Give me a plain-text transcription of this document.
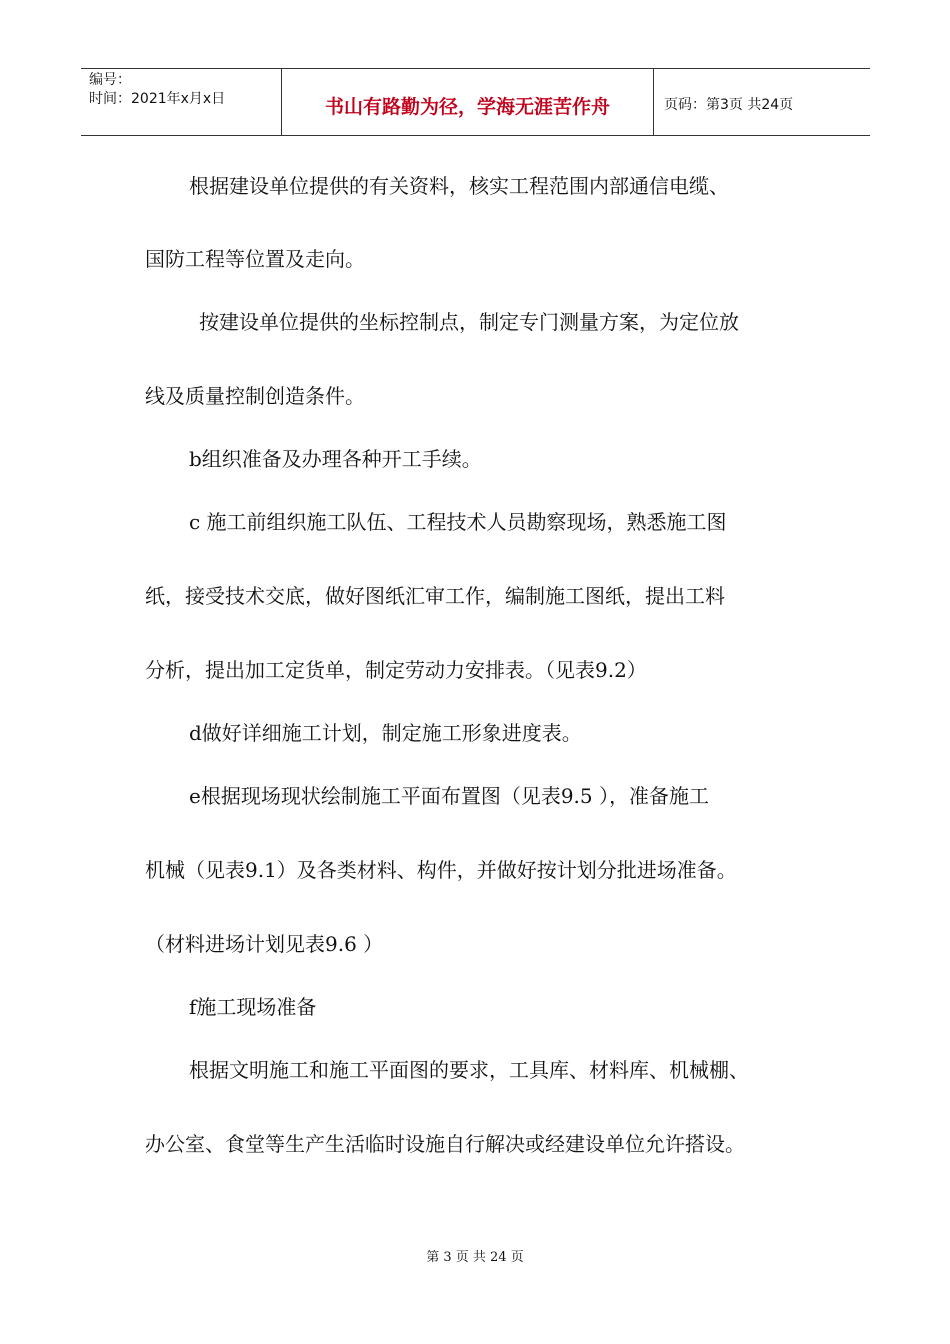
编号：
时间：2021年x月x日	书山有路勤为径，学海无涯苦作舟	页码：第3页 共24页

根据建设单位提供的有关资料，核实工程范围内部通信电缆、

国防工程等位置及走向。

按建设单位提供的坐标控制点，制定专门测量方案，为定位放

线及质量控制创造条件。

b组织准备及办理各种开工手续。

c 施工前组织施工队伍、工程技术人员勘察现场，熟悉施工图

纸，接受技术交底，做好图纸汇审工作，编制施工图纸，提出工料

分析，提出加工定货单，制定劳动力安排表。（见表9.2）

d做好详细施工计划，制定施工形象进度表。

e根据现场现状绘制施工平面布置图（见表9.5 ），准备施工

机械（见表9.1）及各类材料、构件，并做好按计划分批进场准备。

（材料进场计划见表9.6 ）

f施工现场准备

根据文明施工和施工平面图的要求，工具库、材料库、机械棚、

办公室、食堂等生产生活临时设施自行解决或经建设单位允许搭设。

第 3 页 共 24 页
